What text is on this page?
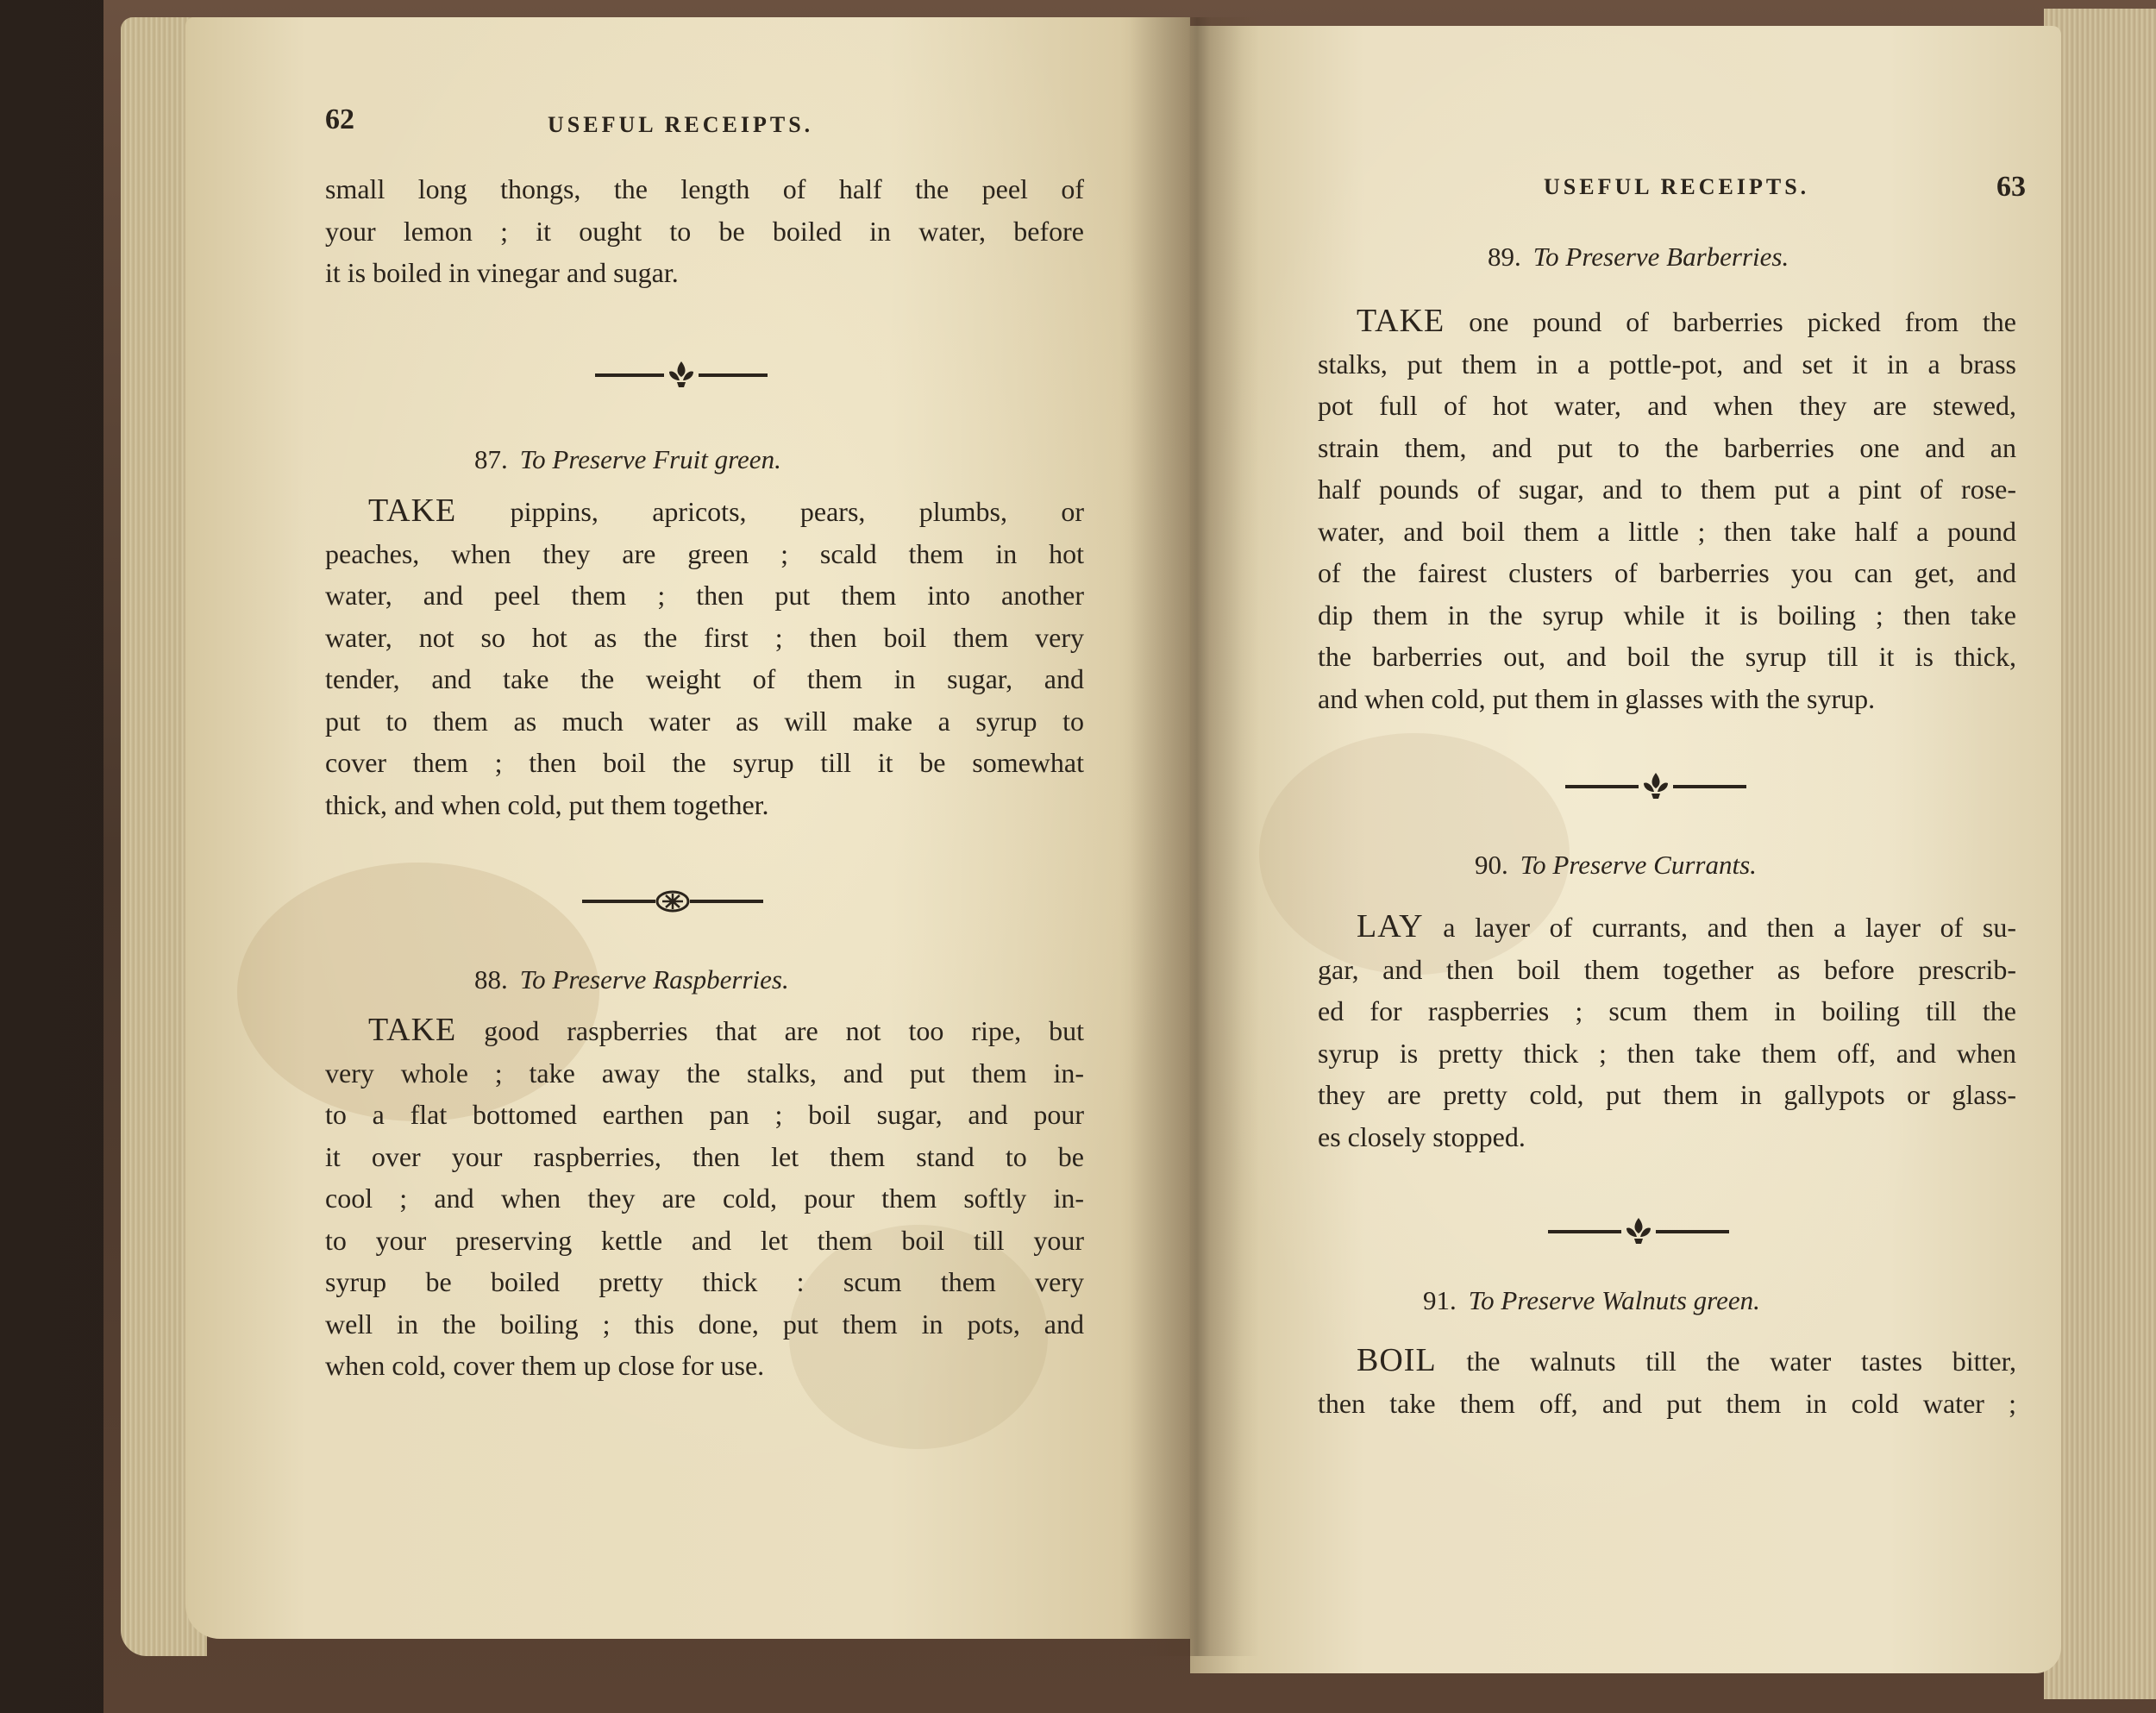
62	USEFUL RECEIPTS.
small long thongs, the length of half the peel of
your lemon ; it ought to be boiled in water, before
it is boiled in vinegar and sugar.
87. To Preserve Fruit green.
TAKE pippins, apricots, pears, plumbs, or
peaches, when they are green ; scald them in hot
water, and peel them ; then put them into another
water, not so hot as the first ; then boil them very
tender, and take the weight of them in sugar, and
put to them as much water as will make a syrup to
cover them ; then boil the syrup till it be somewhat
thick, and when cold, put them together.
88. To Preserve Raspberries.
TAKE good raspberries that are not too ripe, but
very whole ; take away the stalks, and put them in-
to a flat bottomed earthen pan ; boil sugar, and pour
it over your raspberries, then let them stand to be
cool ; and when they are cold, pour them softly in-
to your preserving kettle and let them boil till your
syrup be boiled pretty thick : scum them very
well in the boiling ; this done, put them in pots, and
when cold, cover them up close for use.
USEFUL RECEIPTS.	63
89. To Preserve Barberries.
TAKE one pound of barberries picked from the
stalks, put them in a pottle-pot, and set it in a brass
pot full of hot water, and when they are stewed,
strain them, and put to the barberries one and an
half pounds of sugar, and to them put a pint of rose-
water, and boil them a little ; then take half a pound
of the fairest clusters of barberries you can get, and
dip them in the syrup while it is boiling ; then take
the barberries out, and boil the syrup till it is thick,
and when cold, put them in glasses with the syrup.
90. To Preserve Currants.
LAY a layer of currants, and then a layer of su-
gar, and then boil them together as before prescrib-
ed for raspberries ; scum them in boiling till the
syrup is pretty thick ; then take them off, and when
they are pretty cold, put them in gallypots or glass-
es closely stopped.
91. To Preserve Walnuts green.
BOIL the walnuts till the water tastes bitter,
then take them off, and put them in cold water ;
